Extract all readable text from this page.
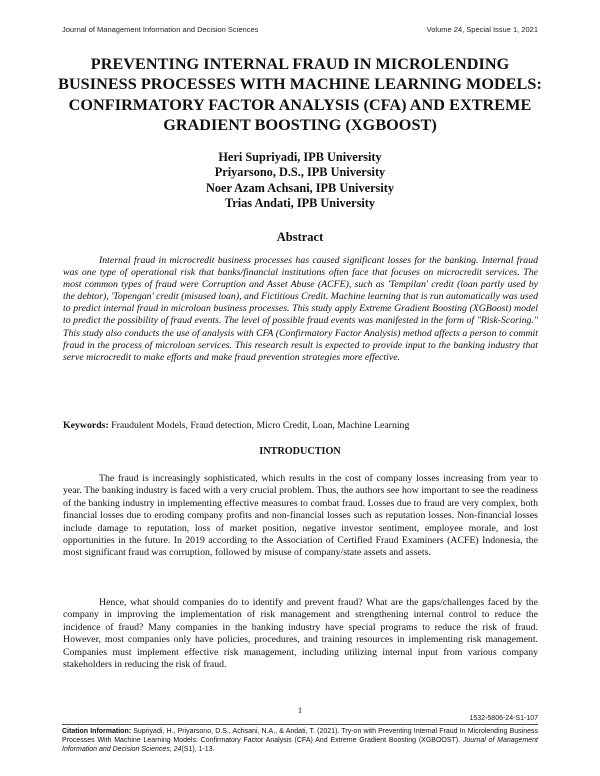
Journal of Management Information and Decision Sciences	Volume 24, Special Issue 1, 2021
PREVENTING INTERNAL FRAUD IN MICROLENDING BUSINESS PROCESSES WITH MACHINE LEARNING MODELS: CONFIRMATORY FACTOR ANALYSIS (CFA) AND EXTREME GRADIENT BOOSTING (XGBOOST)
Heri Supriyadi, IPB University
Priyarsono, D.S., IPB University
Noer Azam Achsani, IPB University
Trias Andati, IPB University
Abstract

Internal fraud in microcredit business processes has caused significant losses for the banking. Internal fraud was one type of operational risk that banks/financial institutions often face that focuses on microcredit services. The most common types of fraud were Corruption and Asset Abuse (ACFE), such as 'Tempilan' credit (loan partly used by the debtor), 'Topengan' credit (misused loan), and Fictitious Credit. Machine learning that is run automatically was used to predict internal fraud in microloan business processes. This study apply Extreme Gradient Boosting (XGBoost) model to predict the possibility of fraud events. The level of possible fraud events was manifested in the form of "Risk-Scoring." This study also conducts the use of analysis with CFA (Confirmatory Factor Analysis) method affects a person to commit fraud in the process of microloan services. This research result is expected to provide input to the banking industry that serve microcredit to make efforts and make fraud prevention strategies more effective.

Keywords: Fraudulent Models, Fraud detection, Micro Credit, Loan, Machine Learning
INTRODUCTION

The fraud is increasingly sophisticated, which results in the cost of company losses increasing from year to year. The banking industry is faced with a very crucial problem. Thus, the authors see how important to see the readiness of the banking industry in implementing effective measures to combat fraud. Losses due to fraud are very complex, both financial losses due to eroding company profits and non-financial losses such as reputation losses. Non-financial losses include damage to reputation, loss of market position, negative investor sentiment, employee morale, and lost opportunities in the future. In 2019 according to the Association of Certified Fraud Examiners (ACFE) Indonesia, the most significant fraud was corruption, followed by misuse of company/state assets and assets.

Hence, what should companies do to identify and prevent fraud? What are the gaps/challenges faced by the company in improving the implementation of risk management and strengthening internal control to reduce the incidence of fraud? Many companies in the banking industry have special programs to reduce the risk of fraud. However, most companies only have policies, procedures, and training resources in implementing risk management. Companies must implement effective risk management, including utilizing internal input from various company stakeholders in reducing the risk of fraud.

1
1532-5806-24-S1-107

Citation Information: Supriyadi, H., Priyarsono, D.S., Achsani, N.A., & Andati, T. (2021). Try-on with Preventing Internal Fraud In Microlending Business Processes With Machine Learning Models: Confirmatory Factor Analysis (CFA) And Extreme Gradient Boosting (XGBOOST). Journal of Management Information and Decision Sciences, 24(S1), 1-13.
